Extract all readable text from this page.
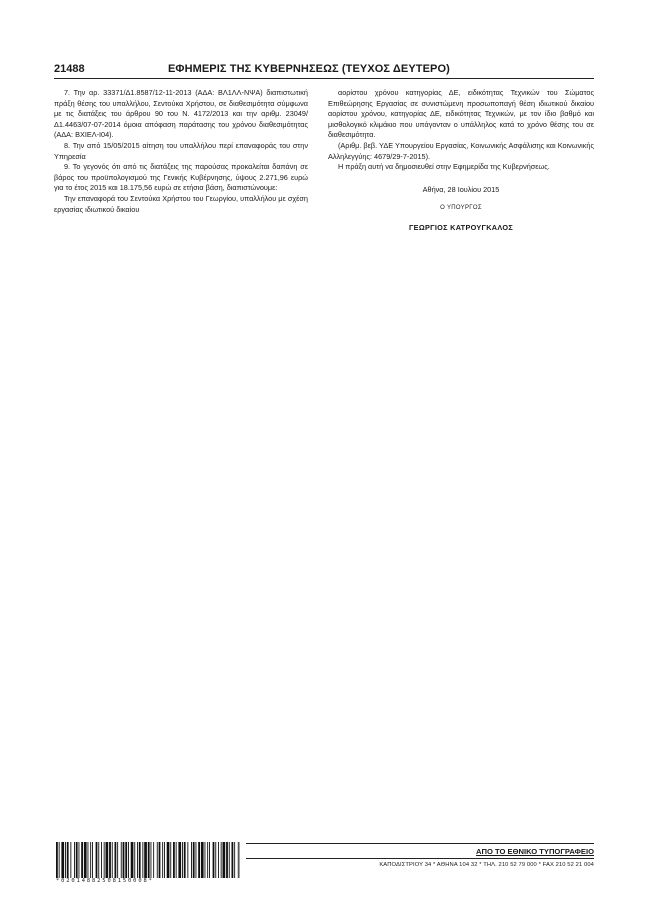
21488	ΕΦΗΜΕΡΙΣ ΤΗΣ ΚΥΒΕΡΝΗΣΕΩΣ (ΤΕΥΧΟΣ ΔΕΥΤΕΡΟ)

7. Την αρ. 33371/Δ1.8587/12-11-2013 (ΑΔΑ: ΒΛ1ΛΛ-ΝΨΑ) διαπιστωτική πράξη θέσης του υπαλλήλου, Σεντούκα Χρήστου, σε διαθεσιμότητα σύμφωνα με τις διατάξεις του άρθρου 90 του Ν. 4172/2013 και την αριθμ. 23049/Δ1.4463/07-07-2014 όμοια απόφαση παράτασης του χρόνου διαθεσιμότητας (ΑΔΑ: ΒΧΙΕΛ-Ι04).

8. Την από 15/05/2015 αίτηση του υπαλλήλου περί επαναφοράς του στην Υπηρεσία

9. Το γεγονός ότι από τις διατάξεις της παρούσας προκαλείται δαπάνη σε βάρος του προϋπολογισμού της Γενικής Κυβέρνησης, ύψους 2.271,96 ευρώ για το έτος 2015 και 18.175,56 ευρώ σε ετήσια βάση, διαπιστώνουμε:

Την επαναφορά του Σεντούκα Χρήστου του Γεωργίου, υπαλλήλου με σχέση εργασίας ιδιωτικού δικαίου

αορίστου χρόνου κατηγορίας ΔΕ, ειδικότητας Τεχνικών του Σώματος Επιθεώρησης Εργασίας σε συνιστώμενη προσωποπαγή θέση ιδιωτικού δικαίου αορίστου χρόνου, κατηγορίας ΔΕ, ειδικότητας Τεχνικών, με τον ίδιο βαθμό και μισθολογικό κλιμάκιο που υπάγονταν ο υπάλληλος κατά το χρόνο θέσης του σε διαθεσιμότητα.

(Αριθμ. βεβ. ΥΔΕ Υπουργείου Εργασίας, Κοινωνικής Ασφάλισης και Κοινωνικής Αλληλεγγύης: 4679/29-7-2015).

Η πράξη αυτή να δημοσιευθεί στην Εφημερίδα της Κυβερνήσεως.

Αθήνα, 28 Ιουλίου 2015

Ο ΥΠΟΥΡΓΟΣ

ΓΕΩΡΓΙΟΣ ΚΑΤΡΟΥΓΚΑΛΟΣ

*02014882508150008*
ΑΠΟ ΤΟ ΕΘΝΙΚΟ ΤΥΠΟΓΡΑΦΕΙΟ
ΚΑΠΟΔΙΣΤΡΙΟΥ 34 * ΑΘΗΝΑ 104 32 * ΤΗΛ. 210 52 79 000 * FAX 210 52 21 004
